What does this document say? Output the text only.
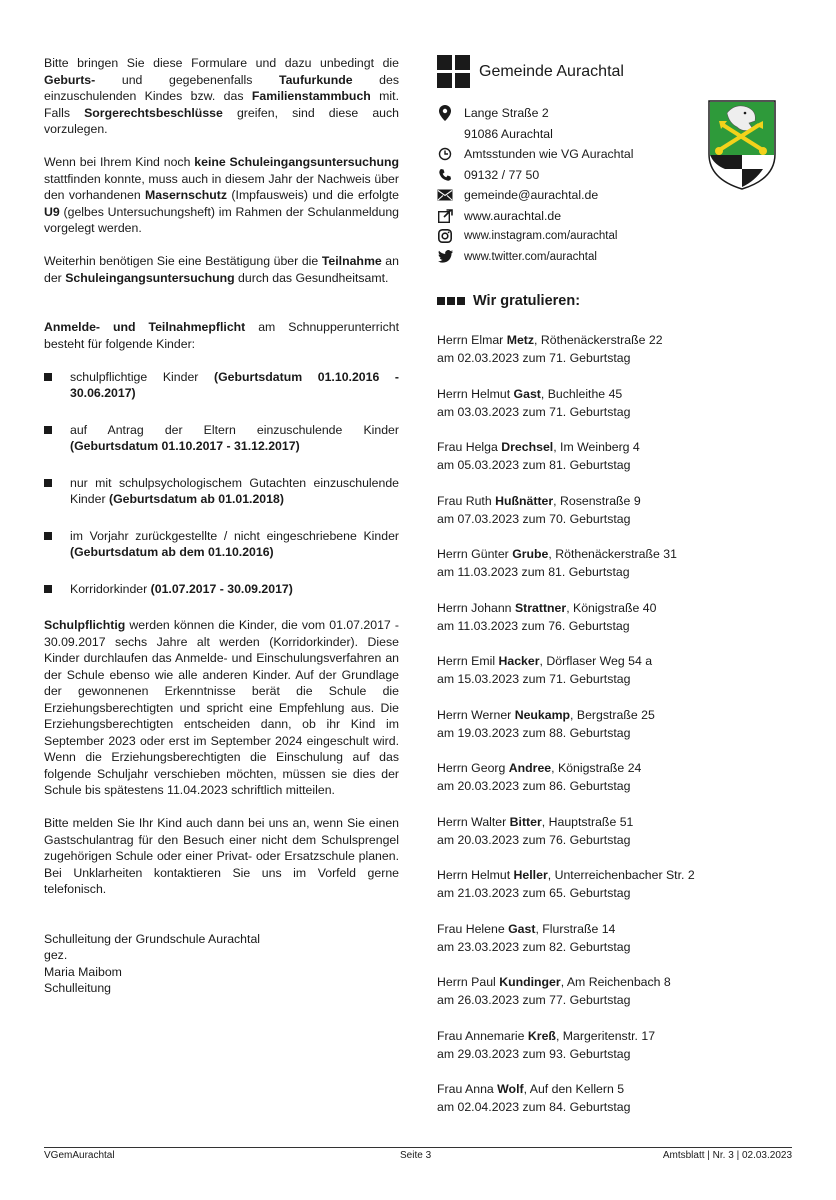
Bitte bringen Sie diese Formulare und dazu unbedingt die Geburts- und gegebenenfalls Taufurkunde des einzuschulenden Kindes bzw. das Familienstammbuch mit. Falls Sorgerechtsbeschlüsse greifen, sind diese auch vorzulegen.

Wenn bei Ihrem Kind noch keine Schuleingangsuntersuchung stattfinden konnte, muss auch in diesem Jahr der Nachweis über den vorhandenen Masernschutz (Impfausweis) und die erfolgte U9 (gelbes Untersuchungsheft) im Rahmen der Schulanmeldung vorgelegt werden.

Weiterhin benötigen Sie eine Bestätigung über die Teilnahme an der Schuleingangsuntersuchung durch das Gesundheitsamt.

Anmelde- und Teilnahmepflicht am Schnupperunterricht besteht für folgende Kinder:

schulpflichtige Kinder (Geburtsdatum 01.10.2016 - 30.06.2017)
auf Antrag der Eltern einzuschulende Kinder (Geburtsdatum 01.10.2017 - 31.12.2017)
nur mit schulpsychologischem Gutachten einzuschulende Kinder (Geburtsdatum ab 01.01.2018)
im Vorjahr zurückgestellte / nicht eingeschriebene Kinder (Geburtsdatum ab dem 01.10.2016)
Korridorkinder (01.07.2017 - 30.09.2017)

Schulpflichtig werden können die Kinder, die vom 01.07.2017 - 30.09.2017 sechs Jahre alt werden (Korridorkinder). Diese Kinder durchlaufen das Anmelde- und Einschulungsverfahren an der Schule ebenso wie alle anderen Kinder. Auf der Grundlage der gewonnenen Erkenntnisse berät die Schule die Erziehungsberechtigten und spricht eine Empfehlung aus. Die Erziehungsberechtigten entscheiden dann, ob ihr Kind im September 2023 oder erst im September 2024 eingeschult wird. Wenn die Erziehungsberechtigten die Einschulung auf das folgende Schuljahr verschieben möchten, müssen sie dies der Schule bis spätestens 11.04.2023 schriftlich mitteilen.

Bitte melden Sie Ihr Kind auch dann bei uns an, wenn Sie einen Gastschulantrag für den Besuch einer nicht dem Schulsprengel zugehörigen Schule oder einer Privat- oder Ersatzschule planen. Bei Unklarheiten kontaktieren Sie uns im Vorfeld gerne telefonisch.

Schulleitung der Grundschule Aurachtal
gez.
Maria Maibom
Schulleitung
Gemeinde Aurachtal
Lange Straße 2
91086 Aurachtal
Amtsstunden wie VG Aurachtal
09132 / 77 50
gemeinde@aurachtal.de
www.aurachtal.de
www.instagram.com/aurachtal
www.twitter.com/aurachtal
Wir gratulieren:
Herrn Elmar Metz, Röthenäckerstraße 22
am 02.03.2023 zum 71. Geburtstag
Herrn Helmut Gast, Buchleithe 45
am 03.03.2023 zum 71. Geburtstag
Frau Helga Drechsel, Im Weinberg 4
am 05.03.2023 zum 81. Geburtstag
Frau Ruth Hußnätter, Rosenstraße 9
am 07.03.2023 zum 70. Geburtstag
Herrn Günter Grube, Röthenäckerstraße 31
am 11.03.2023 zum 81. Geburtstag
Herrn Johann Strattner, Königstraße 40
am 11.03.2023 zum 76. Geburtstag
Herrn Emil Hacker, Dörflaser Weg 54 a
am 15.03.2023 zum 71. Geburtstag
Herrn Werner Neukamp, Bergstraße 25
am 19.03.2023 zum 88. Geburtstag
Herrn Georg Andree, Königstraße 24
am 20.03.2023 zum 86. Geburtstag
Herrn Walter Bitter, Hauptstraße 51
am 20.03.2023 zum 76. Geburtstag
Herrn Helmut Heller, Unterreichenbacher Str. 2
am 21.03.2023 zum 65. Geburtstag
Frau Helene Gast, Flurstraße 14
am 23.03.2023 zum 82. Geburtstag
Herrn Paul Kundinger, Am Reichenbach 8
am 26.03.2023 zum 77. Geburtstag
Frau Annemarie Kreß, Margeritenstr. 17
am 29.03.2023 zum 93. Geburtstag
Frau Anna Wolf, Auf den Kellern 5
am 02.04.2023 zum 84. Geburtstag
VGemAurachtal	Seite 3	Amtsblatt | Nr. 3 | 02.03.2023
